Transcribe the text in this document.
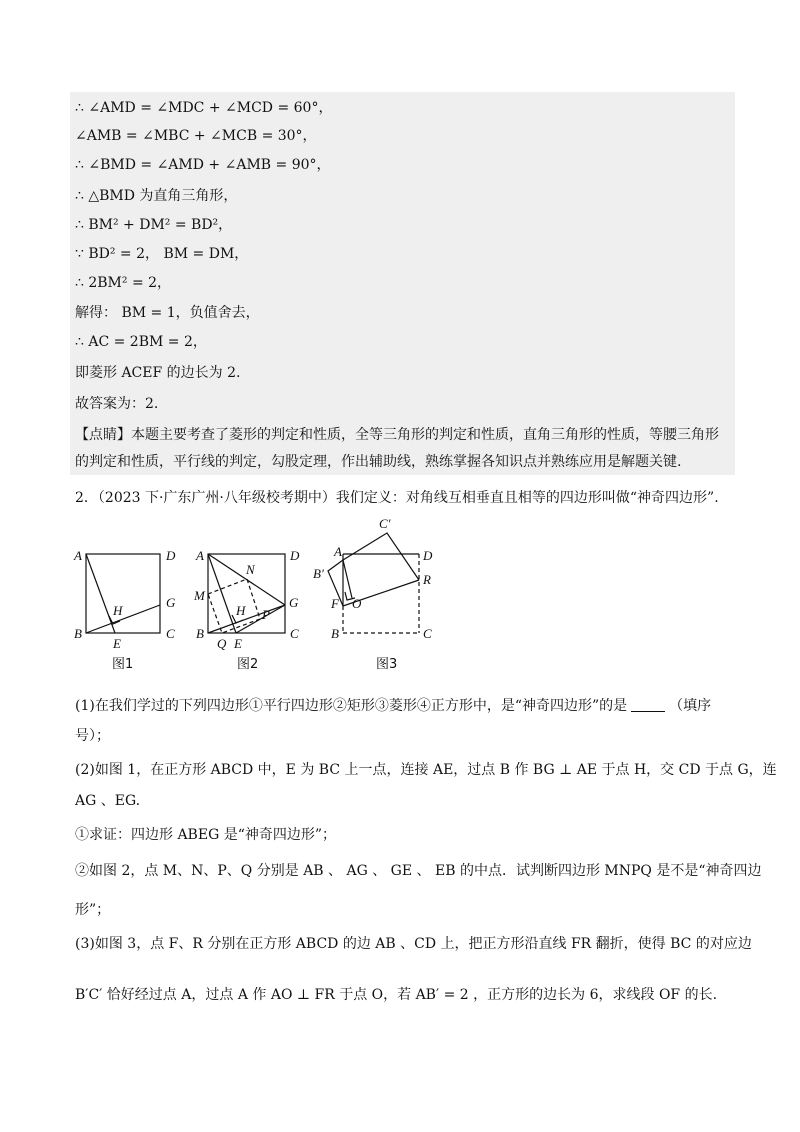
∴ ∠AMD = ∠MDC + ∠MCD = 60°，
∠AMB = ∠MBC + ∠MCB = 30°，
∴ ∠BMD = ∠AMD + ∠AMB = 90°，
∴ △BMD 为直角三角形，
∴ BM² + DM² = BD²，
∵ BD² = 2， BM = DM，
∴ 2BM² = 2，
解得： BM = 1，负值舍去，
∴ AC = 2BM = 2，
即菱形 ACEF 的边长为 2.
故答案为：2.
【点睛】本题主要考查了菱形的判定和性质，全等三角形的判定和性质，直角三角形的性质，等腰三角形
的判定和性质，平行线的判定，勾股定理，作出辅助线，熟练掌握各知识点并熟练应用是解题关键.
2．（2023 下·广东广州·八年级校考期中）我们定义：对角线互相垂直且相等的四边形叫做“神奇四边形”.
A	D
G
H
B
E
C
图1
A	D
N
M	G
H P
B
Q E
C
图2
C′
A	D
B′	R
F O
B	C
图3
(1)在我们学过的下列四边形①平行四边形②矩形③菱形④正方形中，是“神奇四边形”的是	（填序
号）；
(2)如图 1，在正方形 ABCD 中，E 为 BC 上一点，连接 AE，过点 B 作 BG ⊥ AE 于点 H，交 CD 于点 G，连
AG 、EG.
①求证：四边形 ABEG 是“神奇四边形”；
②如图 2，点 M、N、P、Q 分别是 AB 、 AG 、 GE 、 EB 的中点．试判断四边形 MNPQ 是不是“神奇四边
形”；
(3)如图 3，点 F、R 分别在正方形 ABCD 的边 AB 、CD 上，把正方形沿直线 FR 翻折，使得 BC 的对应边
B′C′ 恰好经过点 A，过点 A 作 AO ⊥ FR 于点 O，若 AB′ = 2 ，正方形的边长为 6，求线段 OF 的长.
